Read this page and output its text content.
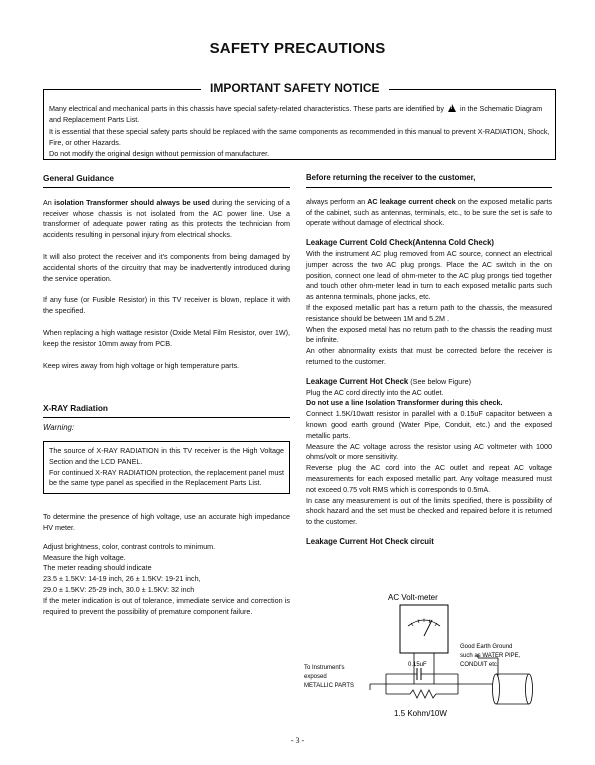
SAFETY PRECAUTIONS
IMPORTANT SAFETY NOTICE
Many electrical and mechanical parts in this chassis have special safety-related characteristics. These parts are identified by ! in the Schematic Diagram and Replacement Parts List.
It is essential that these special safety parts should be replaced with the same components as recommended in this manual to prevent X-RADIATION, Shock, Fire, or other Hazards.
Do not modify the original design without permission of manufacturer.
General Guidance
An isolation Transformer should always be used during the servicing of a receiver whose chassis is not isolated from the AC power line. Use a transformer of adequate power rating as this protects the technician from accidents resulting in personal injury from electrical shocks.
It will also protect the receiver and it's components from being damaged by accidental shorts of the circuitry that may be inadvertently introduced during the service operation.
If any fuse (or Fusible Resistor) in this TV receiver is blown, replace it with the specified.
When replacing a high wattage resistor (Oxide Metal Film Resistor, over 1W), keep the resistor 10mm away from PCB.
Keep wires away from high voltage or high temperature parts.
X-RAY Radiation
Warning:
The source of X-RAY RADIATION in this TV receiver is the High Voltage Section and the LCD PANEL.
For continued X-RAY RADIATION protection, the replacement panel must be the same type panel as specified in the Replacement Parts List.
To determine the presence of high voltage, use an accurate high impedance HV meter.
Adjust brightness, color, contrast controls to minimum.
Measure the high voltage.
The meter reading should indicate
23.5 ± 1.5KV: 14-19 inch, 26 ± 1.5KV: 19-21 inch,
29.0 ± 1.5KV: 25-29 inch, 30.0 ± 1.5KV: 32 inch
If the meter indication is out of tolerance, immediate service and correction is required to prevent the possibility of premature component failure.
Before returning the receiver to the customer,
always perform an AC leakage current check on the exposed metallic parts of the cabinet, such as antennas, terminals, etc., to be sure the set is safe to operate without damage of electrical shock.
Leakage Current Cold Check(Antenna Cold Check)
With the instrument AC plug removed from AC source, connect an electrical jumper across the two AC plug prongs. Place the AC switch in the on position, connect one lead of ohm-meter to the AC plug prongs tied together and touch other ohm-meter lead in turn to each exposed metallic parts such as antenna terminals, phone jacks, etc.
If the exposed metallic part has a return path to the chassis, the measured resistance should be between 1M and 5.2M .
When the exposed metal has no return path to the chassis the reading must be infinite.
An other abnormality exists that must be corrected before the receiver is returned to the customer.
Leakage Current Hot Check (See below Figure)
Plug the AC cord directly into the AC outlet.
Do not use a line Isolation Transformer during this check.
Connect 1.5K/10watt resistor in parallel with a 0.15uF capacitor between a known good earth ground (Water Pipe, Conduit, etc.) and the exposed metallic parts.
Measure the AC voltage across the resistor using AC voltmeter with 1000 ohms/volt or more sensitivity.
Reverse plug the AC cord into the AC outlet and repeat AC voltage measurements for each exposed metallic part. Any voltage measured must not exceed 0.75 volt RMS which is corresponds to 0.5mA.
In case any measurement is out of the limits specified, there is possibility of shock hazard and the set must be checked and repaired before it is returned to the customer.
Leakage Current Hot Check circuit
AC Volt-meter
0.15uF
1.5 Kohm/10W
To Instrument's
exposed
METALLIC PARTS
Good Earth Ground
such as WATER PIPE,
CONDUIT etc.
- 3 -
